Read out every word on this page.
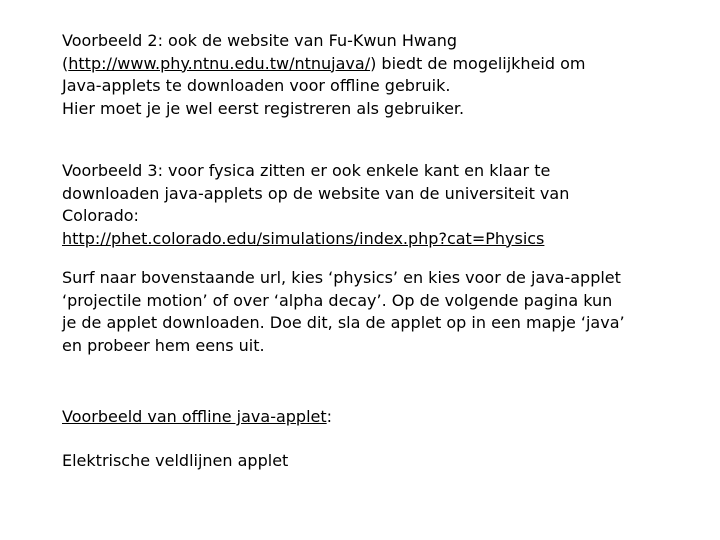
Voorbeeld 2: ook de website van Fu-Kwun Hwang
(http://www.phy.ntnu.edu.tw/ntnujava/) biedt de mogelijkheid om
Java-applets te downloaden voor offline gebruik.
Hier moet je je wel eerst registreren als gebruiker.

Voorbeeld 3: voor fysica zitten er ook enkele kant en klaar te
downloaden java-applets op de website van de universiteit van
Colorado:
http://phet.colorado.edu/simulations/index.php?cat=Physics

Surf naar bovenstaande url, kies ‘physics’ en kies voor de java-applet
‘projectile motion’ of over ‘alpha decay’. Op de volgende pagina kun
je de applet downloaden. Doe dit, sla de applet op in een mapje ‘java’
en probeer hem eens uit.

Voorbeeld van offline java-applet:

Elektrische veldlijnen applet
